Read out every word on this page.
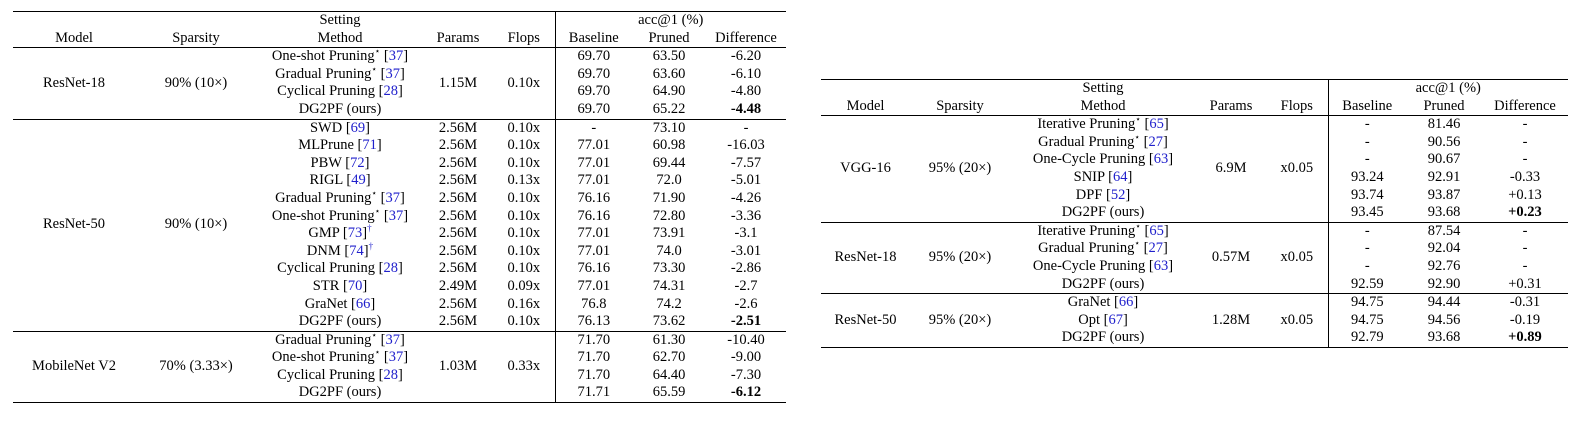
		Setting			acc@1 (%)		
Model	Sparsity	Method	Params	Flops	Baseline	Pruned	Difference
ResNet-18	90% (10×)	One-shot Pruning⋆ [37]	1.15M	0.10x	69.70	63.50	-6.20
		Gradual Pruning⋆ [37]			69.70	63.60	-6.10
		Cyclical Pruning [28]			69.70	64.90	-4.80
		DG2PF (ours)			69.70	65.22	-4.48
ResNet-50	90% (10×)	SWD [69]	2.56M	0.10x	-	73.10	-
		MLPrune [71]	2.56M	0.10x	77.01	60.98	-16.03
		PBW [72]	2.56M	0.10x	77.01	69.44	-7.57
		RIGL [49]	2.56M	0.13x	77.01	72.0	-5.01
		Gradual Pruning⋆ [37]	2.56M	0.10x	76.16	71.90	-4.26
		One-shot Pruning⋆ [37]	2.56M	0.10x	76.16	72.80	-3.36
		GMP [73]†	2.56M	0.10x	77.01	73.91	-3.1
		DNM [74]†	2.56M	0.10x	77.01	74.0	-3.01
		Cyclical Pruning [28]	2.56M	0.10x	76.16	73.30	-2.86
		STR [70]	2.49M	0.09x	77.01	74.31	-2.7
		GraNet [66]	2.56M	0.16x	76.8	74.2	-2.6
		DG2PF (ours)	2.56M	0.10x	76.13	73.62	-2.51
MobileNet V2	70% (3.33×)	Gradual Pruning⋆ [37]	1.03M	0.33x	71.70	61.30	-10.40
		One-shot Pruning⋆ [37]			71.70	62.70	-9.00
		Cyclical Pruning [28]			71.70	64.40	-7.30
		DG2PF (ours)			71.71	65.59	-6.12
		Setting			acc@1 (%)		
Model	Sparsity	Method	Params	Flops	Baseline	Pruned	Difference
VGG-16	95% (20×)	Iterative Pruning⋆ [65]	6.9M	x0.05	-	81.46	-
		Gradual Pruning⋆ [27]			-	90.56	-
		One-Cycle Pruning [63]			-	90.67	-
		SNIP [64]			93.24	92.91	-0.33
		DPF [52]			93.74	93.87	+0.13
		DG2PF (ours)			93.45	93.68	+0.23
ResNet-18	95% (20×)	Iterative Pruning⋆ [65]	0.57M	x0.05	-	87.54	-
		Gradual Pruning⋆ [27]			-	92.04	-
		One-Cycle Pruning [63]			-	92.76	-
		DG2PF (ours)			92.59	92.90	+0.31
ResNet-50	95% (20×)	GraNet [66]	1.28M	x0.05	94.75	94.44	-0.31
		Opt [67]			94.75	94.56	-0.19
		DG2PF (ours)			92.79	93.68	+0.89
